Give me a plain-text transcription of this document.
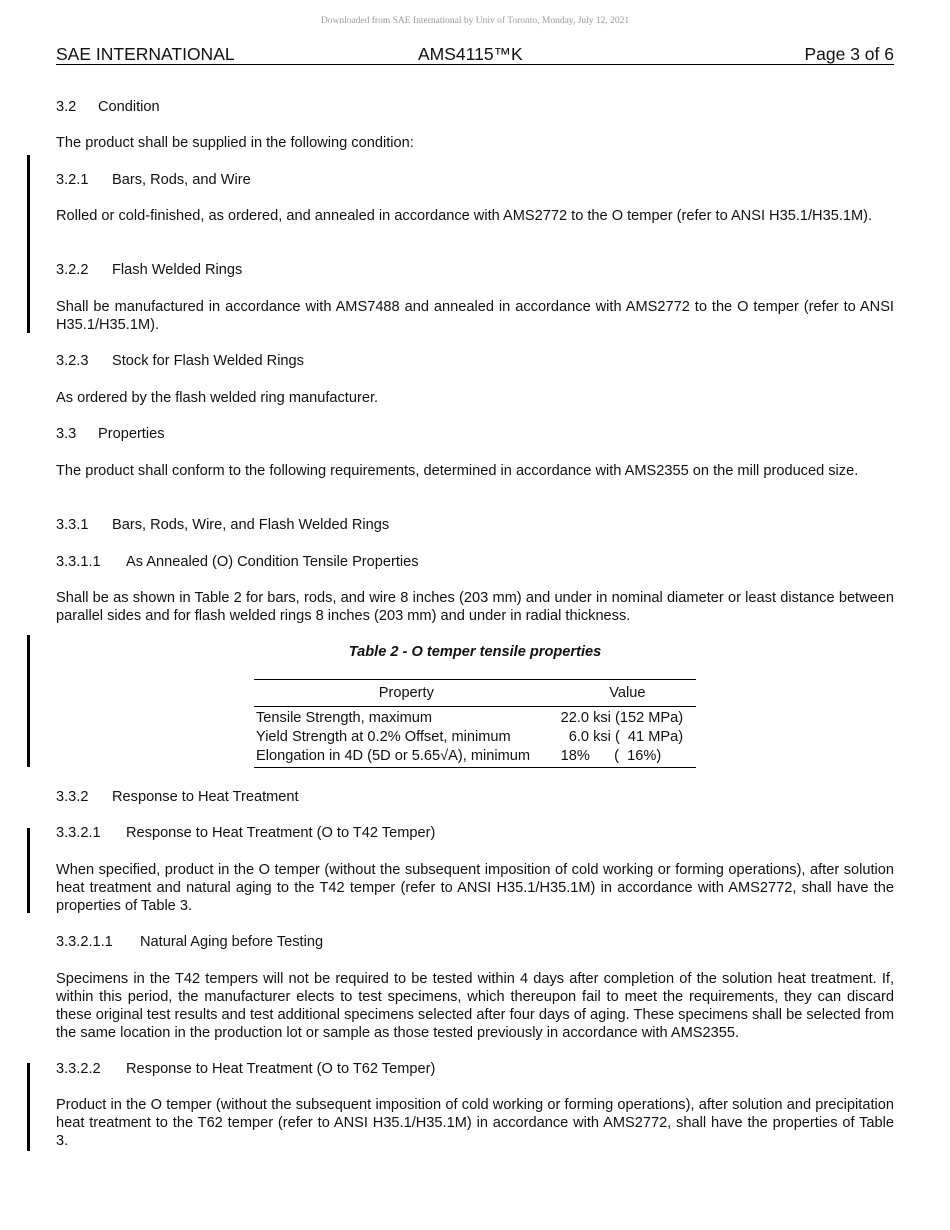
Downloaded from SAE International by Univ of Toronto, Monday, July 12, 2021
SAE INTERNATIONAL	AMS4115™K	Page 3 of 6
3.2 Condition
The product shall be supplied in the following condition:
3.2.1 Bars, Rods, and Wire
Rolled or cold-finished, as ordered, and annealed in accordance with AMS2772 to the O temper (refer to ANSI H35.1/H35.1M).
3.2.2 Flash Welded Rings
Shall be manufactured in accordance with AMS7488 and annealed in accordance with AMS2772 to the O temper (refer to ANSI H35.1/H35.1M).
3.2.3 Stock for Flash Welded Rings
As ordered by the flash welded ring manufacturer.
3.3 Properties
The product shall conform to the following requirements, determined in accordance with AMS2355 on the mill produced size.
3.3.1 Bars, Rods, Wire, and Flash Welded Rings
3.3.1.1 As Annealed (O) Condition Tensile Properties
Shall be as shown in Table 2 for bars, rods, and wire 8 inches (203 mm) and under in nominal diameter or least distance between parallel sides and for flash welded rings 8 inches (203 mm) and under in radial thickness.
Table 2 - O temper tensile properties
Property	Value
Tensile Strength, maximum	22.0 ksi (152 MPa)
Yield Strength at 0.2% Offset, minimum	6.0 ksi (  41 MPa)
Elongation in 4D (5D or 5.65√A), minimum	18%      (  16%)
3.3.2 Response to Heat Treatment
3.3.2.1 Response to Heat Treatment (O to T42 Temper)
When specified, product in the O temper (without the subsequent imposition of cold working or forming operations), after solution heat treatment and natural aging to the T42 temper (refer to ANSI H35.1/H35.1M) in accordance with AMS2772, shall have the properties of Table 3.
3.3.2.1.1 Natural Aging before Testing
Specimens in the T42 tempers will not be required to be tested within 4 days after completion of the solution heat treatment. If, within this period, the manufacturer elects to test specimens, which thereupon fail to meet the requirements, they can discard these original test results and test additional specimens selected after four days of aging. These specimens shall be selected from the same location in the production lot or sample as those tested previously in accordance with AMS2355.
3.3.2.2 Response to Heat Treatment (O to T62 Temper)
Product in the O temper (without the subsequent imposition of cold working or forming operations), after solution and precipitation heat treatment to the T62 temper (refer to ANSI H35.1/H35.1M) in accordance with AMS2772, shall have the properties of Table 3.
